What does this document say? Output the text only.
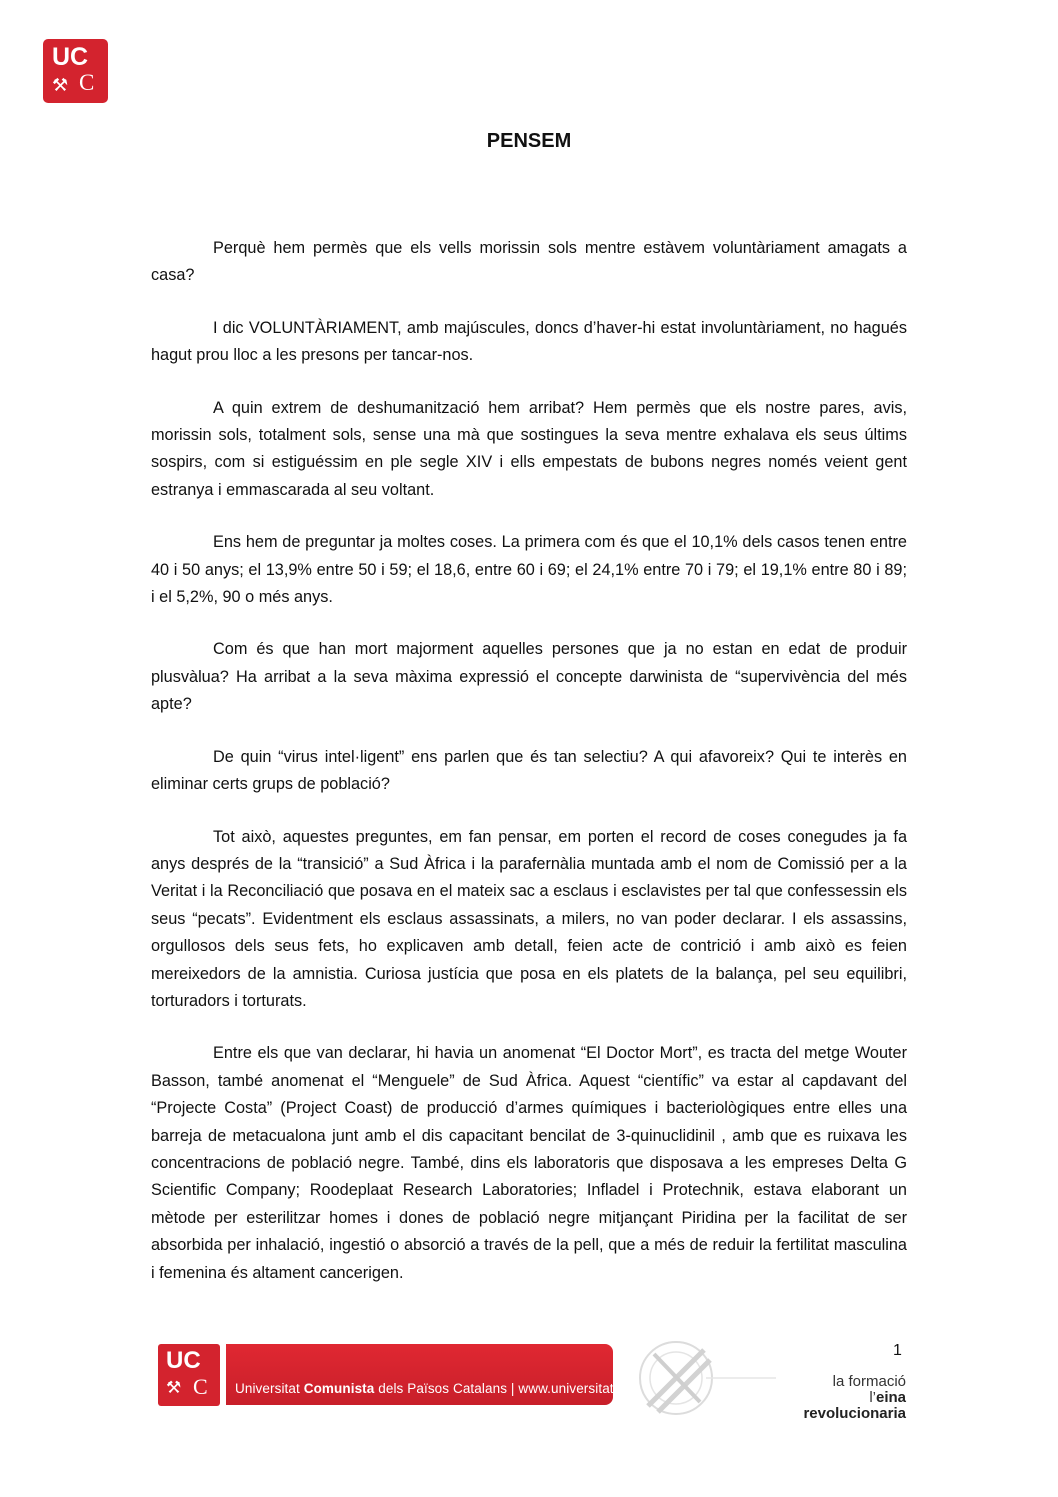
UC
⚒ C
PENSEM

Perquè hem permès que els vells morissin sols mentre estàvem voluntàriament amagats a casa?

I dic VOLUNTÀRIAMENT, amb majúscules, doncs d’haver-hi estat involuntàriament, no hagués hagut prou lloc a les presons per tancar-nos.

A quin extrem de deshumanització hem arribat? Hem permès que els nostre pares, avis, morissin sols, totalment sols, sense una mà que sostingues la seva mentre exhalava els seus últims sospirs, com si estiguéssim en ple segle XIV i ells empestats de bubons negres només veient gent estranya i emmascarada al seu voltant.

Ens hem de preguntar ja moltes coses. La primera com és que el 10,1% dels casos tenen entre 40 i 50 anys; el 13,9% entre 50 i 59; el 18,6, entre 60 i 69; el 24,1% entre 70 i 79; el 19,1% entre 80 i 89; i el 5,2%, 90 o més anys.

Com és que han mort majorment aquelles persones que ja no estan en edat de produir plusvàlua? Ha arribat a la seva màxima expressió el concepte darwinista de “supervivència del més apte?

De quin “virus intel·ligent” ens parlen que és tan selectiu? A qui afavoreix? Qui te interès en eliminar certs grups de població?

Tot això, aquestes preguntes, em fan pensar, em porten el record de coses conegudes ja fa anys després de la “transició” a Sud Àfrica i la parafernàlia muntada amb el nom de Comissió per a la Veritat i la Reconciliació que posava en el mateix sac a esclaus i esclavistes per tal que confessessin els seus “pecats”. Evidentment els esclaus assassinats, a milers, no van poder declarar. I els assassins, orgullosos dels seus fets, ho explicaven amb detall, feien acte de contrició i amb això es feien mereixedors de la amnistia. Curiosa justícia que posa en els platets de la balança, pel seu equilibri, torturadors i torturats.

Entre els que van declarar, hi havia un anomenat “El Doctor Mort”, es tracta del metge Wouter Basson, també anomenat el “Menguele” de Sud Àfrica. Aquest “científic” va estar al capdavant del “Projecte Costa” (Project Coast) de producció d’armes químiques i bacteriològiques entre elles una barreja de metacualona junt amb el dis capacitant bencilat de 3-quinuclidinil , amb que es ruixava les concentracions de població negre. També, dins els laboratoris que disposava a les empreses Delta G Scientific Company; Roodeplaat Research Laboratories; Infladel i Protechnik, estava elaborant un mètode per esterilitzar homes i dones de població negre mitjançant Piridina per la facilitat de ser absorbida per inhalació, ingestió o absorció a través de la pell, que a més de reduir la fertilitat masculina i femenina és altament cancerigen.

1
UC
⚒ C Universitat Comunista dels Països Catalans | www.universitat.cat	la formació
l’eina revolucionaria
